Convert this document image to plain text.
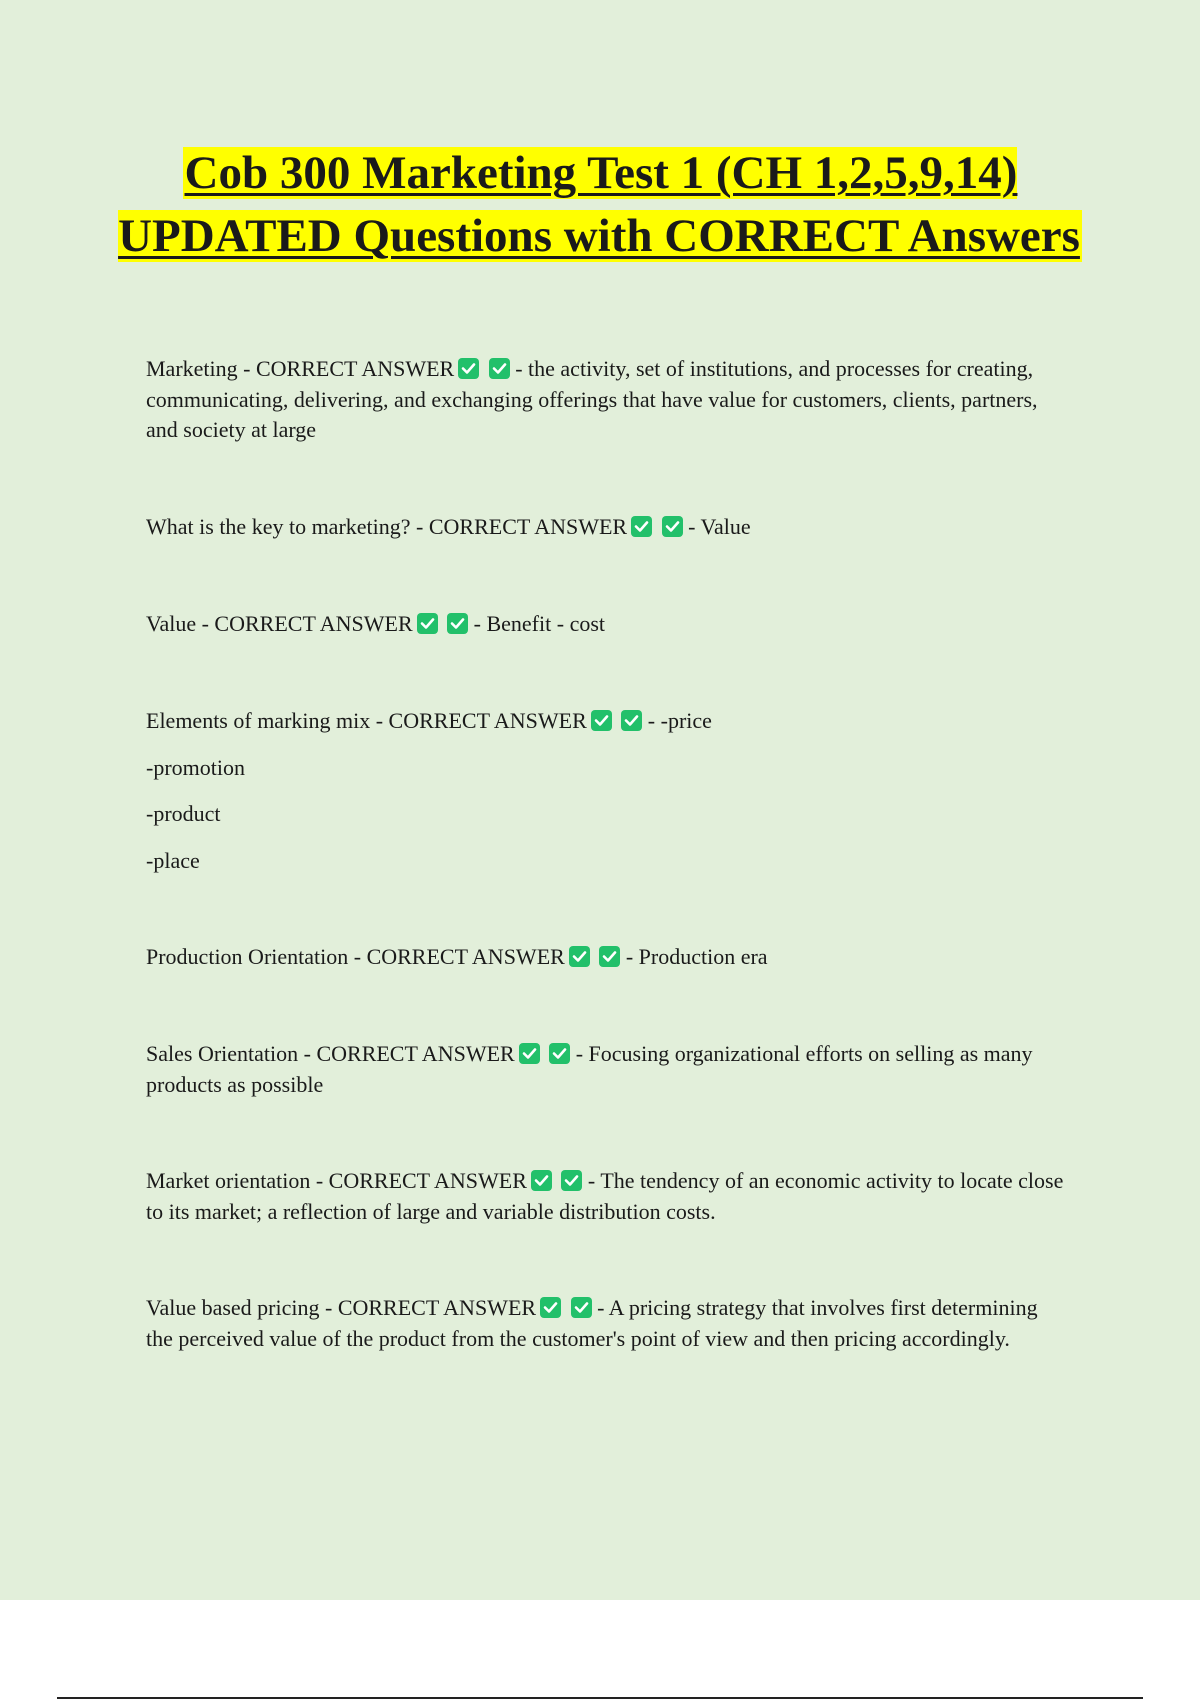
Cob 300 Marketing Test 1 (CH 1,2,5,9,14) UPDATED Questions with CORRECT Answers

Marketing - CORRECT ANSWER
	- the activity, set of institutions, and processes for creating, communicating, delivering, and exchanging offerings that have value for customers, clients, partners, and society at large

What is the key to marketing? - CORRECT ANSWER
	- Value

Value - CORRECT ANSWER
	- Benefit - cost

Elements of marking mix - CORRECT ANSWER
	- -price
-promotion
-product
-place

Production Orientation - CORRECT ANSWER
	- Production era

Sales Orientation - CORRECT ANSWER
	- Focusing organizational efforts on selling as many products as possible

Market orientation - CORRECT ANSWER
	- The tendency of an economic activity to locate close to its market; a reflection of large and variable distribution costs.

Value based pricing - CORRECT ANSWER
	- A pricing strategy that involves first determining the perceived value of the product from the customer's point of view and then pricing accordingly.
